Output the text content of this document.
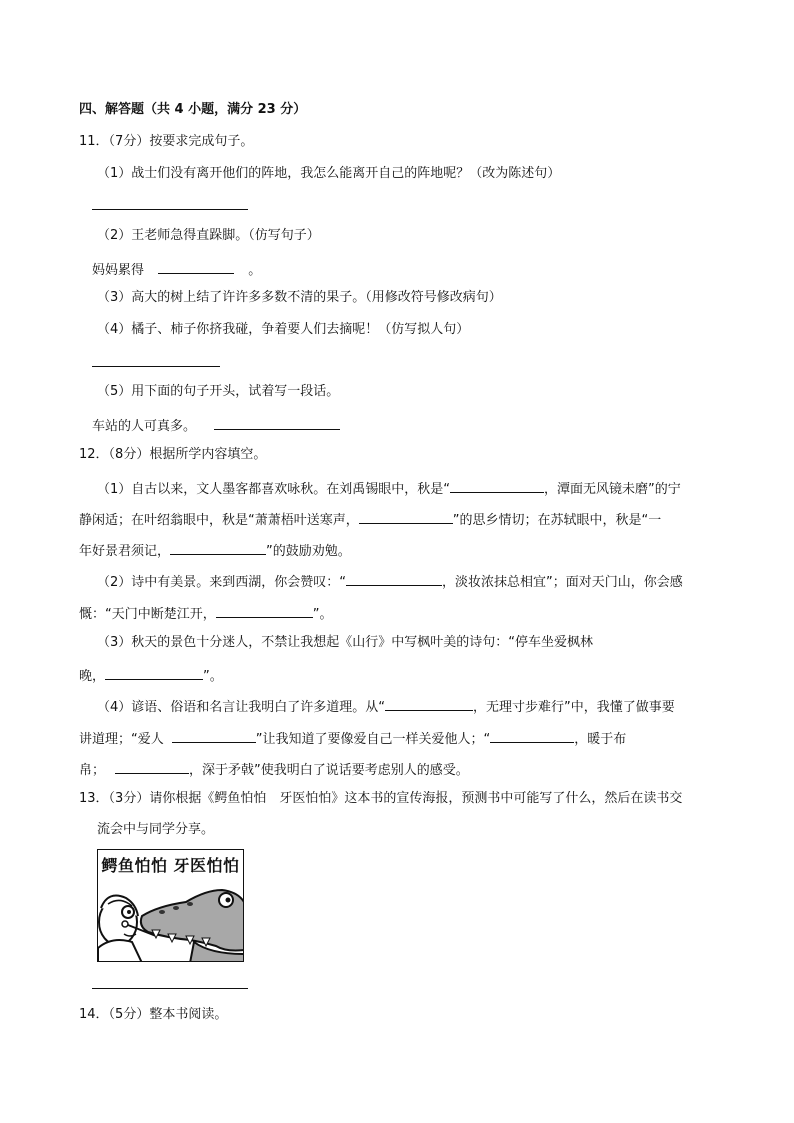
四、解答题（共 4 小题，满分 23 分）
11．（7分）按要求完成句子。
（1）战士们没有离开他们的阵地，我怎么能离开自己的阵地呢？（改为陈述句）
（2）王老师急得直跺脚。（仿写句子）
妈妈累得	。
（3）高大的树上结了许许多多数不清的果子。（用修改符号修改病句）
（4）橘子、柿子你挤我碰，争着要人们去摘呢！（仿写拟人句）
（5）用下面的句子开头，试着写一段话。
车站的人可真多。
12．（8分）根据所学内容填空。
（1）自古以来，文人墨客都喜欢咏秋。在刘禹锡眼中，秋是“	，潭面无风镜未磨”的宁
静闲适；在叶绍翁眼中，秋是“萧萧梧叶送寒声，	”的思乡情切；在苏轼眼中，秋是“一
年好景君须记，	”的鼓励劝勉。
（2）诗中有美景。来到西湖，你会赞叹：“	，淡妆浓抹总相宜”；面对天门山，你会感
慨：“天门中断楚江开，	”。
（3）秋天的景色十分迷人，不禁让我想起《山行》中写枫叶美的诗句：“停车坐爱枫林
晚，	”。
（4）谚语、俗语和名言让我明白了许多道理。从“	，无理寸步难行”中，我懂了做事要
讲道理；“爱人	”让我知道了要像爱自己一样关爱他人；“	，暖于布
帛；	，深于矛戟”使我明白了说话要考虑别人的感受。
13．（3分）请你根据《鳄鱼怕怕　牙医怕怕》这本书的宣传海报，预测书中可能写了什么，然后在读书交
流会中与同学分享。
鳄鱼怕怕 牙医怕怕
14．（5分）整本书阅读。
